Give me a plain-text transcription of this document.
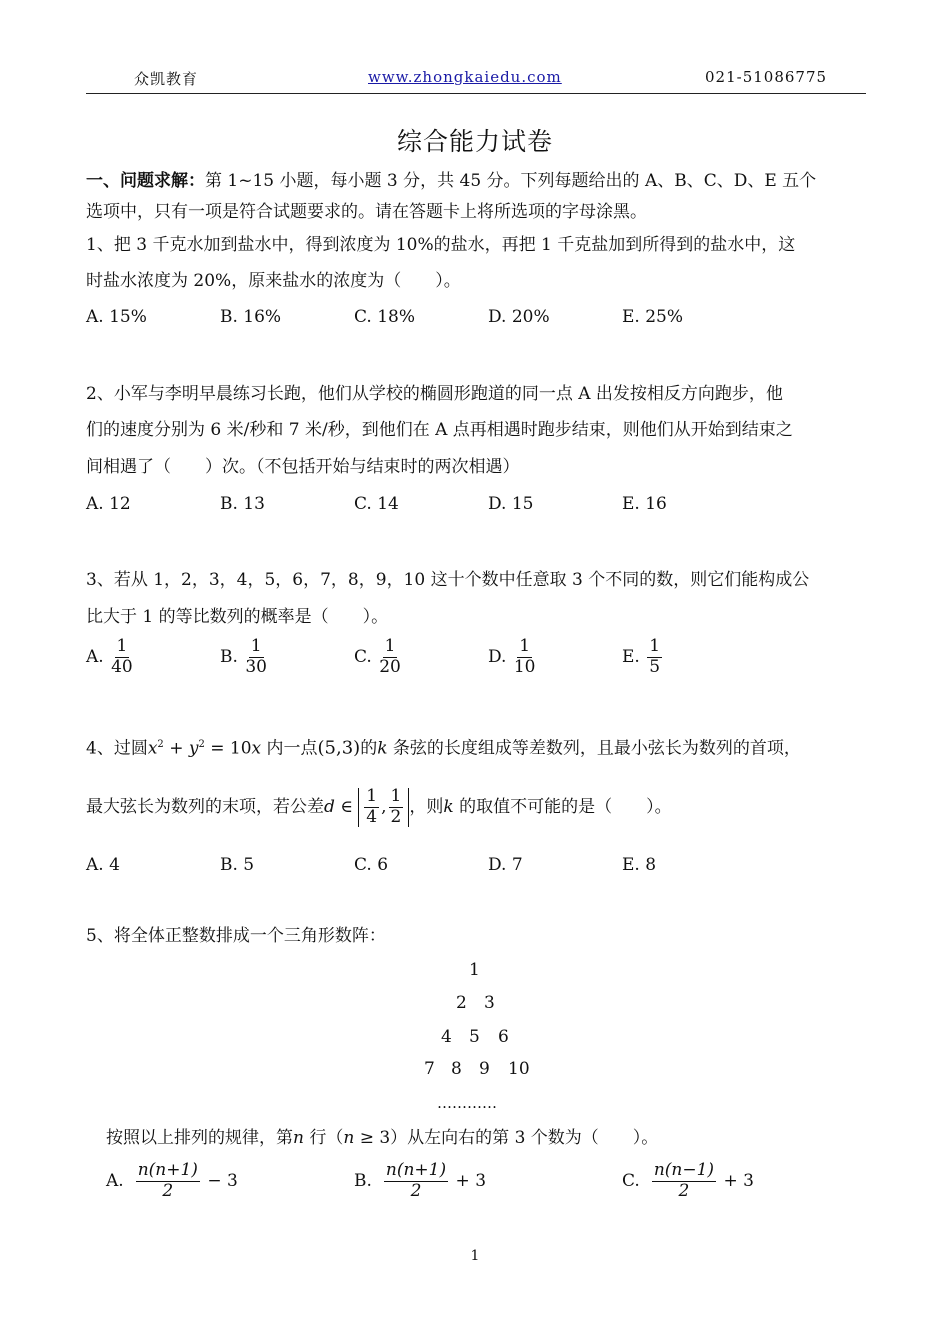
众凯教育	www.zhongkaiedu.com	021-51086775
综合能力试卷
一、问题求解：第 1~15 小题，每小题 3 分，共 45 分。下列每题给出的 A、B、C、D、E 五个
选项中，只有一项是符合试题要求的。请在答题卡上将所选项的字母涂黑。
1、把 3 千克水加到盐水中，得到浓度为 10%的盐水，再把 1 千克盐加到所得到的盐水中，这
时盐水浓度为 20%，原来盐水的浓度为（　　）。
A. 15%	B. 16%	C. 18%	D. 20%	E. 25%
2、小军与李明早晨练习长跑，他们从学校的椭圆形跑道的同一点 A 出发按相反方向跑步，他
们的速度分别为 6 米/秒和 7 米/秒，到他们在 A 点再相遇时跑步结束，则他们从开始到结束之
间相遇了（　　）次。（不包括开始与结束时的两次相遇）
A. 12	B. 13	C. 14	D. 15	E. 16
3、若从 1，2，3，4，5，6，7，8，9，10 这十个数中任意取 3 个不同的数，则它们能构成公
比大于 1 的等比数列的概率是（　　）。
A. $\frac{1}{40}$	B. $\frac{1}{30}$	C. $\frac{1}{20}$	D. $\frac{1}{10}$	E. $\frac{1}{5}$
4、过圆$x^2 + y^2 = 10x$ 内一点(5,3)的k 条弦的长度组成等差数列，且最小弦长为数列的首项，
最大弦长为数列的末项，若公差d ∈ $\frac{1}{4}$ , $\frac{1}{2}$ ，则k 的取值不可能的是（　　）。
A. 4	B. 5	C. 6	D. 7	E. 8
5、将全体正整数排成一个三角形数阵：
1
2 3
4 5 6
7 8 9 10
…………
按照以上排列的规律，第n 行（n ≥ 3）从左向右的第 3 个数为（　　）。
A. $\frac{n(n+1)}{2} - 3$	B. $\frac{n(n+1)}{2} + 3$	C. $\frac{n(n-1)}{2} + 3$
1
